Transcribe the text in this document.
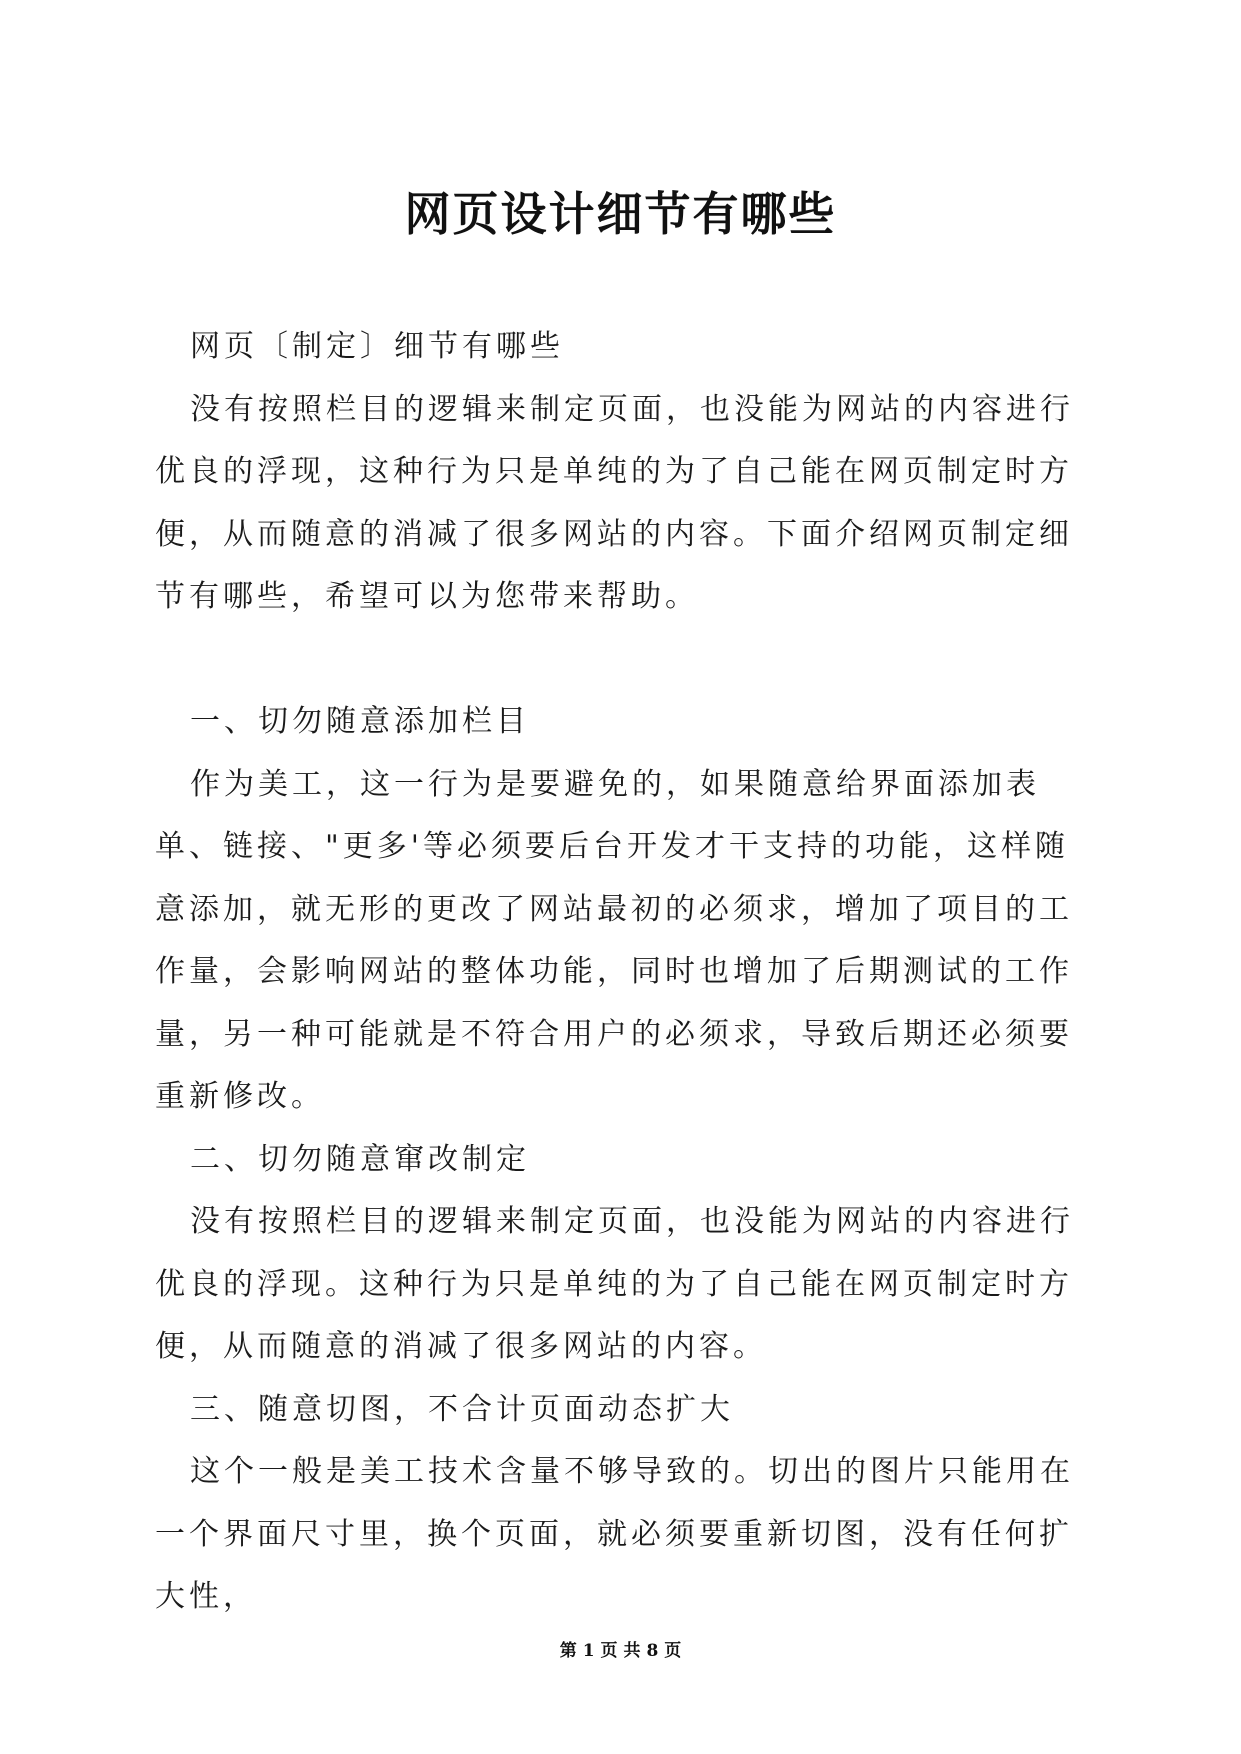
网页设计细节有哪些

网页〔制定〕细节有哪些

没有按照栏目的逻辑来制定页面，也没能为网站的内容进行优良的浮现，这种行为只是单纯的为了自己能在网页制定时方便，从而随意的消减了很多网站的内容。下面介绍网页制定细节有哪些，希望可以为您带来帮助。

一、切勿随意添加栏目

作为美工，这一行为是要避免的，如果随意给界面添加表单、链接、"更多'等必须要后台开发才干支持的功能，这样随意添加，就无形的更改了网站最初的必须求，增加了项目的工作量，会影响网站的整体功能，同时也增加了后期测试的工作量，另一种可能就是不符合用户的必须求，导致后期还必须要重新修改。

二、切勿随意窜改制定

没有按照栏目的逻辑来制定页面，也没能为网站的内容进行优良的浮现。这种行为只是单纯的为了自己能在网页制定时方便，从而随意的消减了很多网站的内容。

三、随意切图，不合计页面动态扩大

这个一般是美工技术含量不够导致的。切出的图片只能用在一个界面尺寸里，换个页面，就必须要重新切图，没有任何扩大性，

第 1 页 共 8 页
